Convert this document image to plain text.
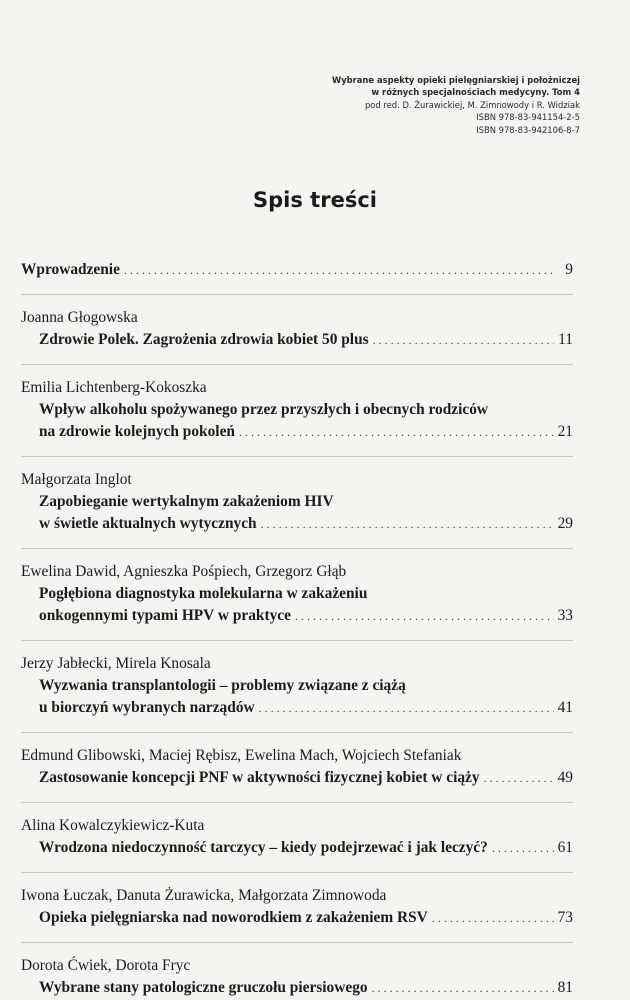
Wybrane aspekty opieki pielęgniarskiej i położniczej
w różnych specjalnościach medycyny. Tom 4
pod red. D. Żurawickiej, M. Zimnowody i R. Widziak
ISBN 978-83-941154-2-5
ISBN 978-83-942106-8-7
Spis treści
Wprowadzenie . . .	9
Joanna Głogowska
Zdrowie Polek. Zagrożenia zdrowia kobiet 50 plus . . .	11
Emilia Lichtenberg-Kokoszka
Wpływ alkoholu spożywanego przez przyszłych i obecnych rodziców
na zdrowie kolejnych pokoleń . . .	21
Małgorzata Inglot
Zapobieganie wertykalnym zakażeniom HIV
w świetle aktualnych wytycznych . . .	29
Ewelina Dawid, Agnieszka Pośpiech, Grzegorz Głąb
Pogłębiona diagnostyka molekularna w zakażeniu
onkogennymi typami HPV w praktyce . . .	33
Jerzy Jabłecki, Mirela Knosala
Wyzwania transplantologii – problemy związane z ciążą
u biorczyń wybranych narządów . . .	41
Edmund Glibowski, Maciej Rębisz, Ewelina Mach, Wojciech Stefaniak
Zastosowanie koncepcji PNF w aktywności fizycznej kobiet w ciąży . . .	49
Alina Kowalczykiewicz-Kuta
Wrodzona niedoczynność tarczycy – kiedy podejrzewać i jak leczyć? . . .	61
Iwona Łuczak, Danuta Żurawicka, Małgorzata Zimnowoda
Opieka pielęgniarska nad noworodkiem z zakażeniem RSV . . .	73
Dorota Ćwiek, Dorota Fryc
Wybrane stany patologiczne gruczołu piersiowego . . .	81
